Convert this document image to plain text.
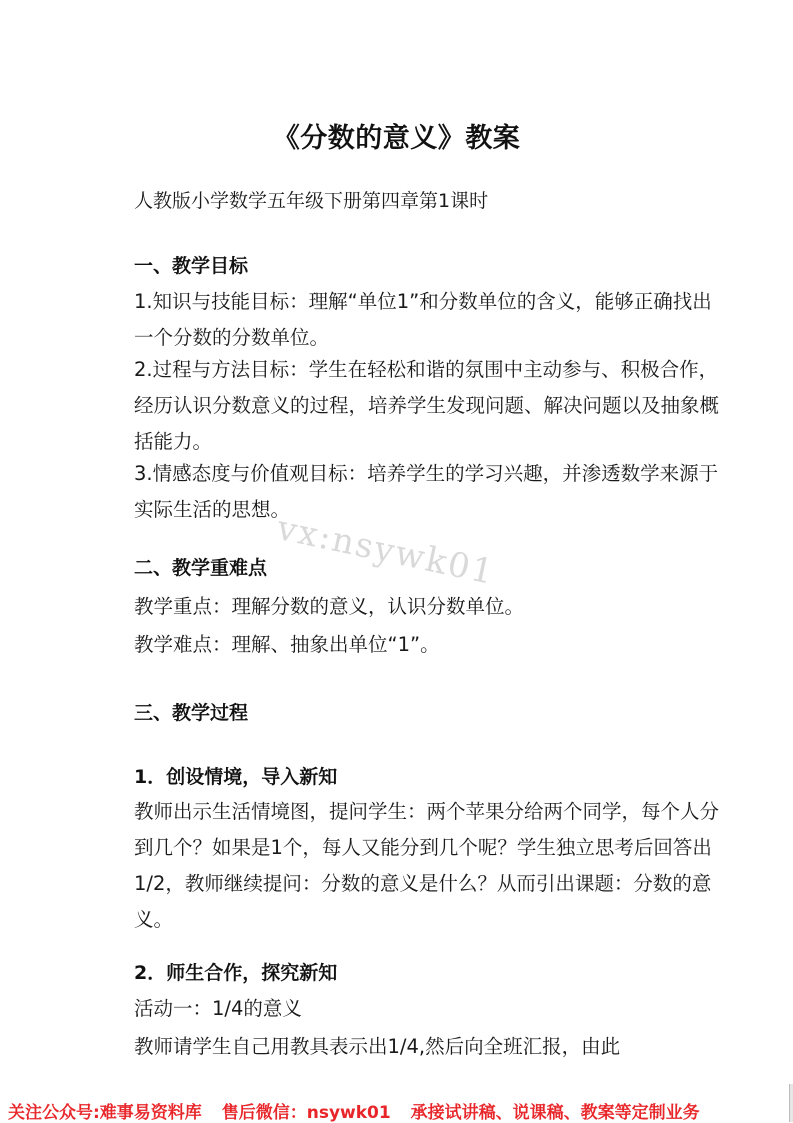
《分数的意义》教案
人教版小学数学五年级下册第四章第1课时
一、教学目标
1.知识与技能目标：理解“单位1”和分数单位的含义，能够正确找出一个分数的分数单位。
2.过程与方法目标：学生在轻松和谐的氛围中主动参与、积极合作，经历认识分数意义的过程，培养学生发现问题、解决问题以及抽象概括能力。
3.情感态度与价值观目标：培养学生的学习兴趣，并渗透数学来源于实际生活的思想。
二、教学重难点
教学重点：理解分数的意义，认识分数单位。
教学难点：理解、抽象出单位“1”。
三、教学过程
1．创设情境，导入新知
教师出示生活情境图，提问学生：两个苹果分给两个同学，每个人分到几个？如果是1个，每人又能分到几个呢？学生独立思考后回答出1/2，教师继续提问：分数的意义是什么？从而引出课题：分数的意义。
2．师生合作，探究新知
活动一：1/4的意义
教师请学生自己用教具表示出1/4,然后向全班汇报，由此
vx:nsywk01
关注公众号:难事易资料库 售后微信：nsywk01 承接试讲稿、说课稿、教案等定制业务
